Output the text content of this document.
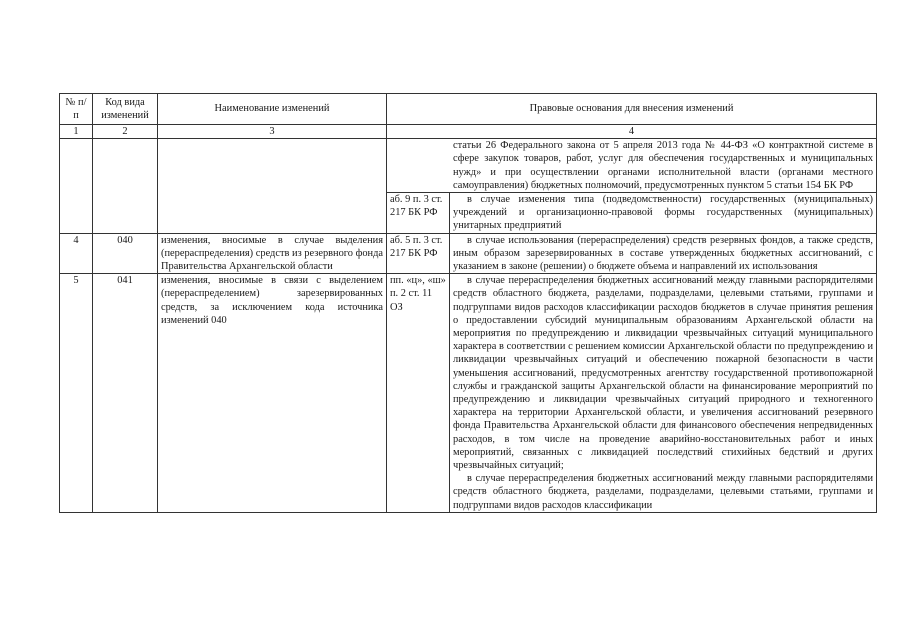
№ п/п	Код вида изменений	Наименование изменений	Правовые основания для внесения изменений	
1	2	3	4	
			статьи 26 Федерального закона от 5 апреля 2013 года № 44-ФЗ «О контрактной системе в сфере закупок товаров, работ, услуг для обеспечения государственных и муниципальных нужд» и при осуществлении органами исполнительной власти (органами местного самоуправления) бюджетных полномочий, предусмотренных пунктом 5 статьи 154 БК РФ	
			аб. 9 п. 3 ст. 217 БК РФ	в случае изменения типа (подведомственности) государственных (муниципальных) учреждений и организационно-правовой формы государственных (муниципальных) унитарных предприятий
4	040	изменения, вносимые в случае выделения (перераспределения) средств из резервного фонда Правительства Архангельской области	аб. 5 п. 3 ст. 217 БК РФ	в случае использования (перераспределения) средств резервных фондов, а также средств, иным образом зарезервированных в составе утвержденных бюджетных ассигнований, с указанием в законе (решении) о бюджете объема и направлений их использования
5	041	изменения, вносимые в связи с выделением (перераспределением) зарезервированных средств, за исключением кода источника изменений 040	пп. «ц», «ш» п. 2 ст. 11 ОЗ	в случае перераспределения бюджетных ассигнований между главными распорядителями средств областного бюджета, разделами, подразделами, целевыми статьями, группами и подгруппами видов расходов классификации расходов бюджетов в случае принятия решения о предоставлении субсидий муниципальным образованиям Архангельской области на мероприятия по предупреждению и ликвидации чрезвычайных ситуаций муниципального характера в соответствии с решением комиссии Архангельской области по предупреждению и ликвидации чрезвычайных ситуаций и обеспечению пожарной безопасности в части уменьшения ассигнований, предусмотренных агентству государственной противопожарной службы и гражданской защиты Архангельской области на финансирование мероприятий по предупреждению и ликвидации чрезвычайных ситуаций природного и техногенного характера на территории Архангельской области, и увеличения ассигнований резервного фонда Правительства Архангельской области для финансового обеспечения непредвиденных расходов, в том числе на проведение аварийно-восстановительных работ и иных мероприятий, связанных с ликвидацией последствий стихийных бедствий и других чрезвычайных ситуаций;
в случае перераспределения бюджетных ассигнований между главными распорядителями средств областного бюджета, разделами, подразделами, целевыми статьями, группами и подгруппами видов расходов классификации
